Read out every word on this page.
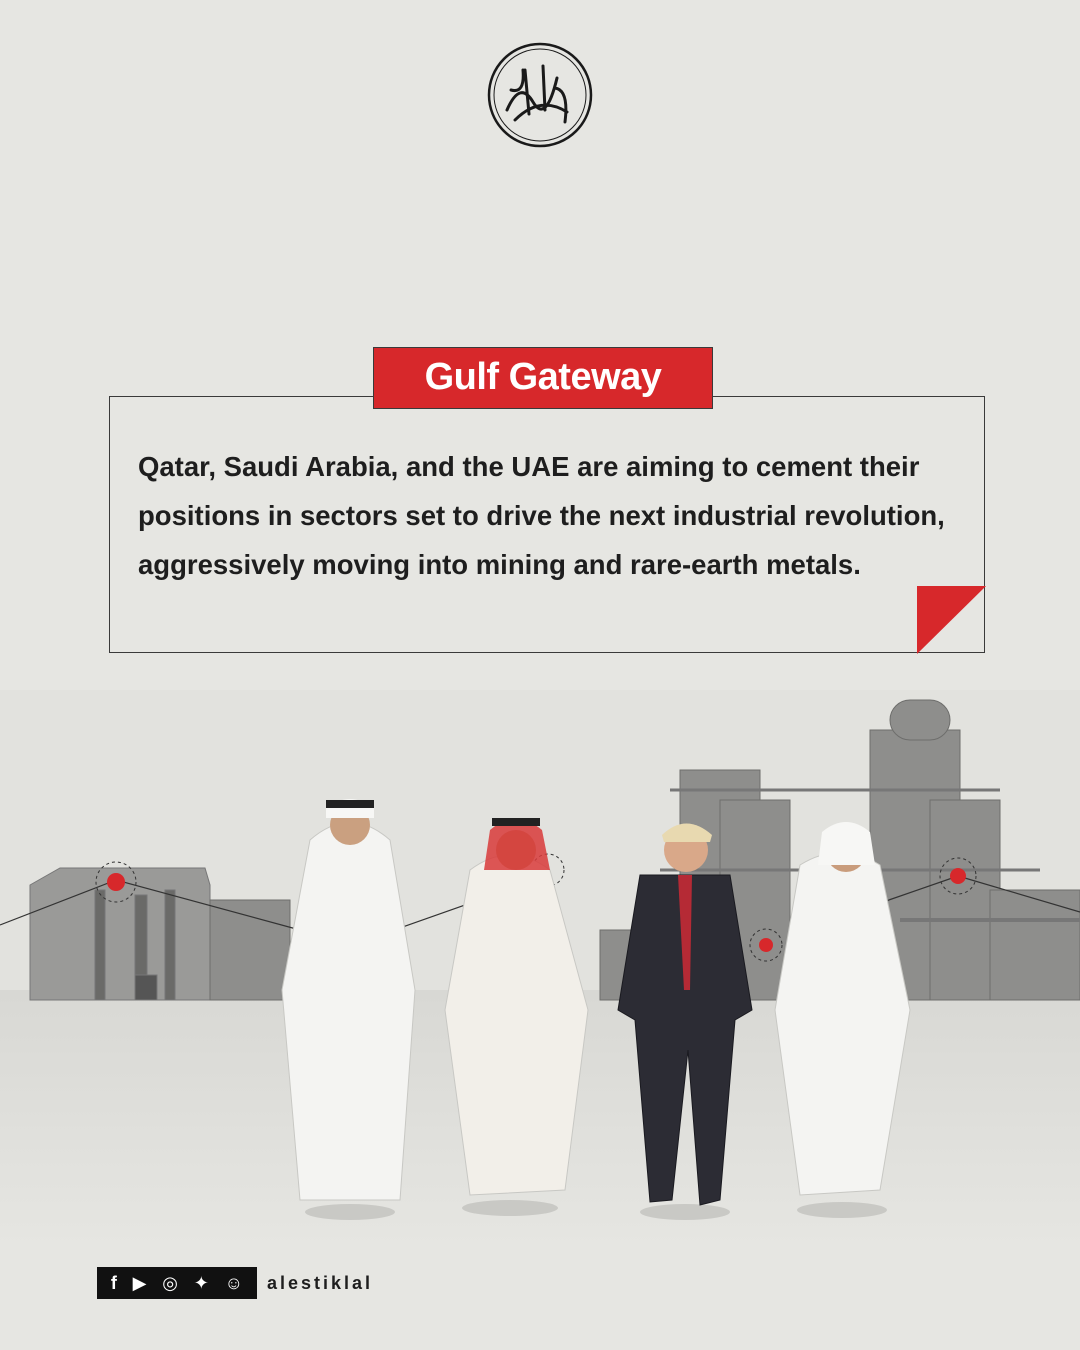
Gulf Gateway
Qatar, Saudi Arabia, and the UAE are aiming to cement their positions in sectors set to drive the next industrial revolution, aggressively moving into mining and rare-earth metals.
f ▶ ◎ ✦ ☺ alestiklal
